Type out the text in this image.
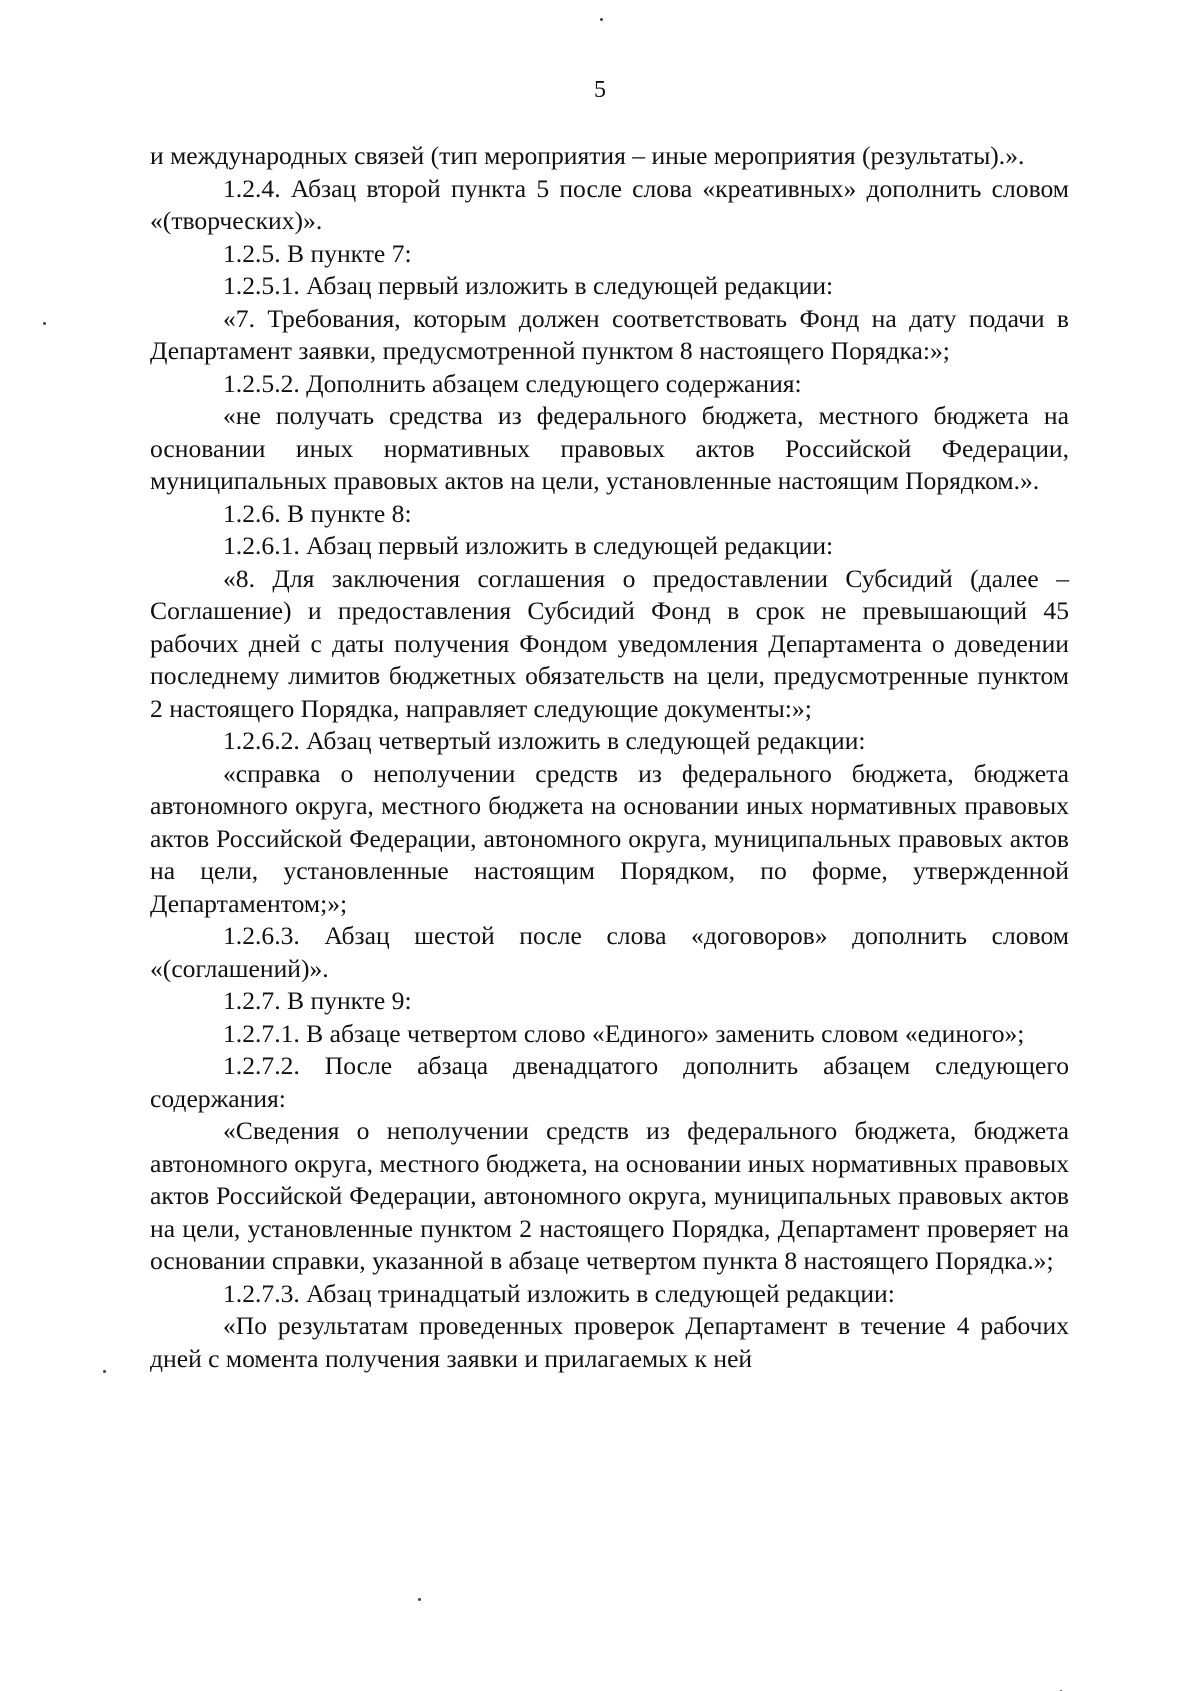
5

и международных связей (тип мероприятия – иные мероприятия (результаты).».

1.2.4. Абзац второй пункта 5 после слова «креативных» дополнить словом «(творческих)».

1.2.5. В пункте 7:

1.2.5.1. Абзац первый изложить в следующей редакции:

«7. Требования, которым должен соответствовать Фонд на дату подачи в Департамент заявки, предусмотренной пунктом 8 настоящего Порядка:»;

1.2.5.2. Дополнить абзацем следующего содержания:

«не получать средства из федерального бюджета, местного бюджета на основании иных нормативных правовых актов Российской Федерации, муниципальных правовых актов на цели, установленные настоящим Порядком.».

1.2.6. В пункте 8:

1.2.6.1. Абзац первый изложить в следующей редакции:

«8. Для заключения соглашения о предоставлении Субсидий (далее – Соглашение) и предоставления Субсидий Фонд в срок не превышающий 45 рабочих дней с даты получения Фондом уведомления Департамента о доведении последнему лимитов бюджетных обязательств на цели, предусмотренные пунктом 2 настоящего Порядка, направляет следующие документы:»;

1.2.6.2. Абзац четвертый изложить в следующей редакции:

«справка о неполучении средств из федерального бюджета, бюджета автономного округа, местного бюджета на основании иных нормативных правовых актов Российской Федерации, автономного округа, муниципальных правовых актов на цели, установленные настоящим Порядком, по форме, утвержденной Департаментом;»;

1.2.6.3. Абзац шестой после слова «договоров» дополнить словом «(соглашений)».

1.2.7. В пункте 9:

1.2.7.1. В абзаце четвертом слово «Единого» заменить словом «единого»;

1.2.7.2. После абзаца двенадцатого дополнить абзацем следующего содержания:

«Сведения о неполучении средств из федерального бюджета, бюджета автономного округа, местного бюджета, на основании иных нормативных правовых актов Российской Федерации, автономного округа, муниципальных правовых актов на цели, установленные пунктом 2 настоящего Порядка, Департамент проверяет на основании справки, указанной в абзаце четвертом пункта 8 настоящего Порядка.»;

1.2.7.3. Абзац тринадцатый изложить в следующей редакции:

«По результатам проведенных проверок Департамент в течение 4 рабочих дней с момента получения заявки и прилагаемых к ней
